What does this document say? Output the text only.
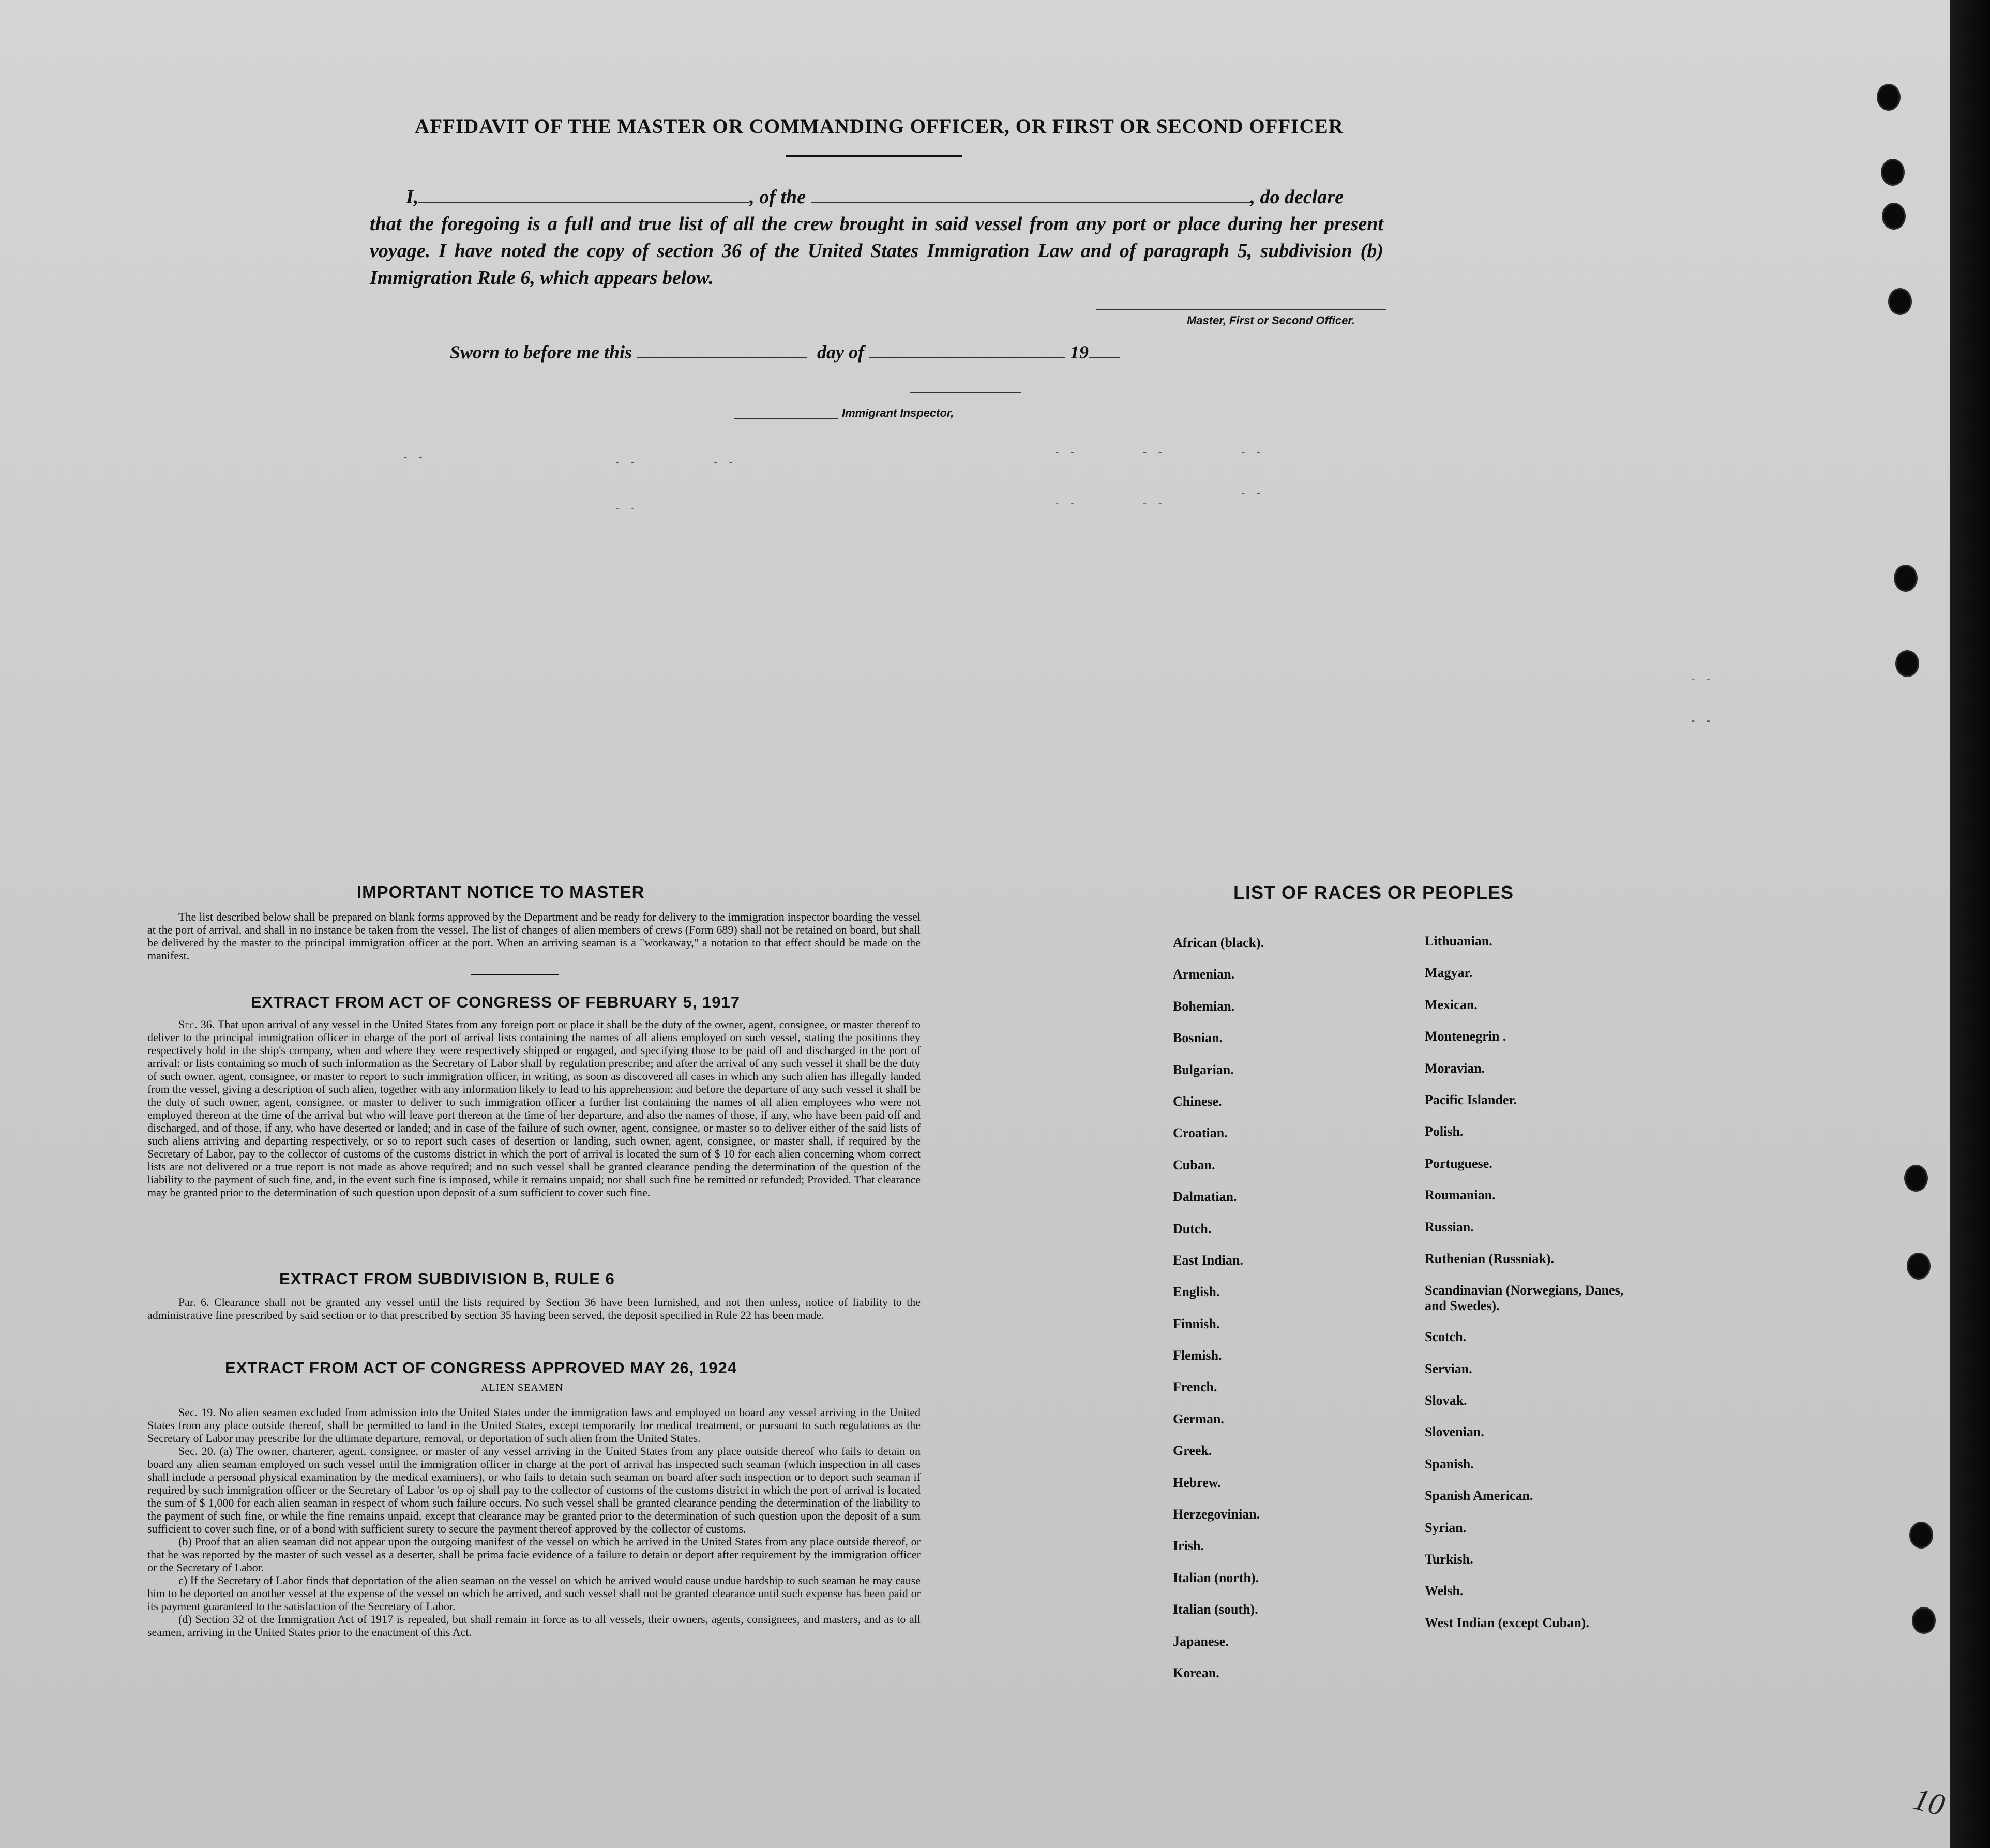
AFFIDAVIT OF THE MASTER OR COMMANDING OFFICER, OR FIRST OR SECOND OFFICER
I,	, of the	, do declare
that the foregoing is a full and true list of all the crew brought in said vessel from any port or place during her present voyage. I have noted the copy of section 36 of the United States Immigration Law and of paragraph 5, subdivision (b) Immigration Rule 6, which appears below.
Master, First or Second Officer.
Sworn to before me this	day of	19
Immigrant Inspector,
- -	- -	- -
- -	- -	- -
- -	- -	- -
- -
- -
- -
IMPORTANT NOTICE TO MASTER

The list described below shall be prepared on blank forms approved by the Department and be ready for delivery to the immigration inspector boarding the vessel at the port of arrival, and shall in no instance be taken from the vessel. The list of changes of alien members of crews (Form 689) shall not be retained on board, but shall be delivered by the master to the principal immigration officer at the port. When an arriving seaman is a "workaway," a notation to that effect should be made on the manifest.

EXTRACT FROM ACT OF CONGRESS OF FEBRUARY 5, 1917

Sec. 36. That upon arrival of any vessel in the United States from any foreign port or place it shall be the duty of the owner, agent, consignee, or master thereof to deliver to the principal immigration officer in charge of the port of arrival lists containing the names of all aliens employed on such vessel, stating the positions they respectively hold in the ship's company, when and where they were respectively shipped or engaged, and specifying those to be paid off and discharged in the port of arrival: or lists containing so much of such information as the Secretary of Labor shall by regulation prescribe; and after the arrival of any such vessel it shall be the duty of such owner, agent, consignee, or master to report to such immigration officer, in writing, as soon as discovered all cases in which any such alien has illegally landed from the vessel, giving a description of such alien, together with any information likely to lead to his apprehension; and before the departure of any such vessel it shall be the duty of such owner, agent, consignee, or master to deliver to such immigration officer a further list containing the names of all alien employees who were not employed thereon at the time of the arrival but who will leave port thereon at the time of her departure, and also the names of those, if any, who have been paid off and discharged, and of those, if any, who have deserted or landed; and in case of the failure of such owner, agent, consignee, or master so to deliver either of the said lists of such aliens arriving and departing respectively, or so to report such cases of desertion or landing, such owner, agent, consignee, or master shall, if required by the Secretary of Labor, pay to the collector of customs of the customs district in which the port of arrival is located the sum of $ 10 for each alien concerning whom correct lists are not delivered or a true report is not made as above required; and no such vessel shall be granted clearance pending the determination of the question of the liability to the payment of such fine, and, in the event such fine is imposed, while it remains unpaid; nor shall such fine be remitted or refunded; Provided. That clearance may be granted prior to the determination of such question upon deposit of a sum sufficient to cover such fine.

EXTRACT FROM SUBDIVISION B, RULE 6

Par. 6. Clearance shall not be granted any vessel until the lists required by Section 36 have been furnished, and not then unless, notice of liability to the administrative fine prescribed by said section or to that prescribed by section 35 having been served, the deposit specified in Rule 22 has been made.

EXTRACT FROM ACT OF CONGRESS APPROVED MAY 26, 1924
ALIEN SEAMEN

Sec. 19. No alien seamen excluded from admission into the United States under the immigration laws and employed on board any vessel arriving in the United States from any place outside thereof, shall be permitted to land in the United States, except temporarily for medical treatment, or pursuant to such regulations as the Secretary of Labor may prescribe for the ultimate departure, removal, or deportation of such alien from the United States.

Sec. 20. (a) The owner, charterer, agent, consignee, or master of any vessel arriving in the United States from any place outside thereof who fails to detain on board any alien seaman employed on such vessel until the immigration officer in charge at the port of arrival has inspected such seaman (which inspection in all cases shall include a personal physical examination by the medical examiners), or who fails to detain such seaman on board after such inspection or to deport such seaman if required by such immigration officer or the Secretary of Labor 'os op oj shall pay to the collector of customs of the customs district in which the port of arrival is located the sum of $ 1,000 for each alien seaman in respect of whom such failure occurs. No such vessel shall be granted clearance pending the determination of the liability to the payment of such fine, or while the fine remains unpaid, except that clearance may be granted prior to the determination of such question upon the deposit of a sum sufficient to cover such fine, or of a bond with sufficient surety to secure the payment thereof approved by the collector of customs.

(b) Proof that an alien seaman did not appear upon the outgoing manifest of the vessel on which he arrived in the United States from any place outside thereof, or that he was reported by the master of such vessel as a deserter, shall be prima facie evidence of a failure to detain or deport after requirement by the immigration officer or the Secretary of Labor.

c) If the Secretary of Labor finds that deportation of the alien seaman on the vessel on which he arrived would cause undue hardship to such seaman he may cause him to be deported on another vessel at the expense of the vessel on which he arrived, and such vessel shall not be granted clearance until such expense has been paid or its payment guaranteed to the satisfaction of the Secretary of Labor.

(d) Section 32 of the Immigration Act of 1917 is repealed, but shall remain in force as to all vessels, their owners, agents, consignees, and masters, and as to all seamen, arriving in the United States prior to the enactment of this Act.

LIST OF RACES OR PEOPLES
African (black).
Armenian.
Bohemian.
Bosnian.
Bulgarian.
Chinese.
Croatian.
Cuban.
Dalmatian.
Dutch.
East Indian.
English.
Finnish.
Flemish.
French.
German.
Greek.
Hebrew.
Herzegovinian.
Irish.
Italian (north).
Italian (south).
Japanese.
Korean.
Lithuanian.
Magyar.
Mexican.
Montenegrin .
Moravian.
Pacific Islander.
Polish.
Portuguese.
Roumanian.
Russian.
Ruthenian (Russniak).
Scandinavian (Norwegians, Danes, and Swedes).
Scotch.
Servian.
Slovak.
Slovenian.
Spanish.
Spanish American.
Syrian.
Turkish.
Welsh.
West Indian (except Cuban).
10
